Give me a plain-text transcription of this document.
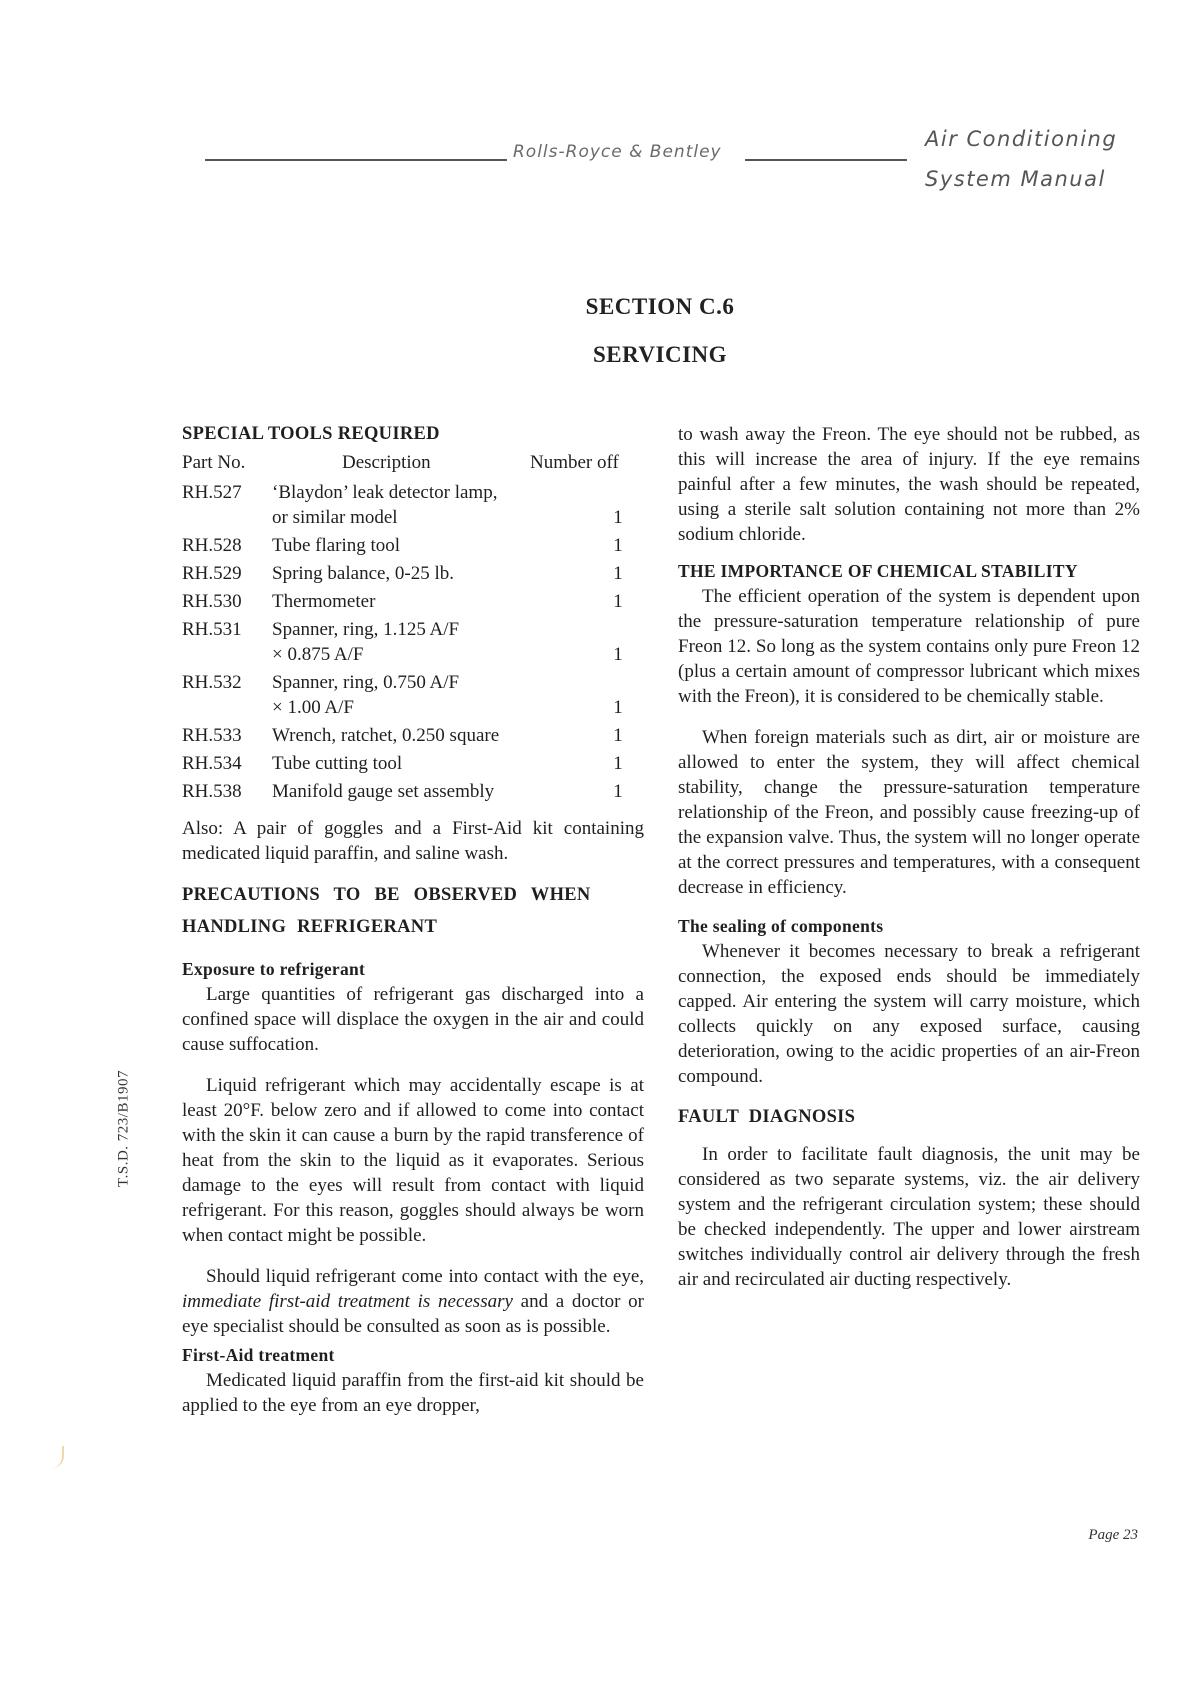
Rolls-Royce & Bentley
Air Conditioning
System Manual
SECTION C.6
SERVICING
SPECIAL TOOLS REQUIRED
Part No.	Description	Number off
RH.527	‘Blaydon’ leak detector lamp,
or similar model	1
RH.528	Tube flaring tool	1
RH.529	Spring balance, 0-25 lb.	1
RH.530	Thermometer	1
RH.531	Spanner, ring, 1.125 A/F
× 0.875 A/F	1
RH.532	Spanner, ring, 0.750 A/F
× 1.00 A/F	1
RH.533	Wrench, ratchet, 0.250 square	1
RH.534	Tube cutting tool	1
RH.538	Manifold gauge set assembly	1

Also: A pair of goggles and a First-Aid kit containing medicated liquid paraffin, and saline wash.

PRECAUTIONS TO BE OBSERVED WHEN
HANDLING REFRIGERANT
Exposure to refrigerant

Large quantities of refrigerant gas discharged into a confined space will displace the oxygen in the air and could cause suffocation.

Liquid refrigerant which may accidentally escape is at least 20°F. below zero and if allowed to come into contact with the skin it can cause a burn by the rapid transference of heat from the skin to the liquid as it evaporates. Serious damage to the eyes will result from contact with liquid refrigerant. For this reason, goggles should always be worn when contact might be possible.

Should liquid refrigerant come into contact with the eye, immediate first-aid treatment is necessary and a doctor or eye specialist should be consulted as soon as is possible.

First-Aid treatment

Medicated liquid paraffin from the first-aid kit should be applied to the eye from an eye dropper,

to wash away the Freon. The eye should not be rubbed, as this will increase the area of injury. If the eye remains painful after a few minutes, the wash should be repeated, using a sterile salt solution containing not more than 2% sodium chloride.

THE IMPORTANCE OF CHEMICAL STABILITY

The efficient operation of the system is dependent upon the pressure-saturation temperature relationship of pure Freon 12. So long as the system contains only pure Freon 12 (plus a certain amount of compressor lubricant which mixes with the Freon), it is considered to be chemically stable.

When foreign materials such as dirt, air or moisture are allowed to enter the system, they will affect chemical stability, change the pressure-saturation temperature relationship of the Freon, and possibly cause freezing-up of the expansion valve. Thus, the system will no longer operate at the correct pressures and temperatures, with a consequent decrease in efficiency.

The sealing of components

Whenever it becomes necessary to break a refrigerant connection, the exposed ends should be immediately capped. Air entering the system will carry moisture, which collects quickly on any exposed surface, causing deterioration, owing to the acidic properties of an air-Freon compound.

FAULT DIAGNOSIS

In order to facilitate fault diagnosis, the unit may be considered as two separate systems, viz. the air delivery system and the refrigerant circulation system; these should be checked independently. The upper and lower airstream switches individually control air delivery through the fresh air and recirculated air ducting respectively.

T.S.D. 723/B1907
Page 23
